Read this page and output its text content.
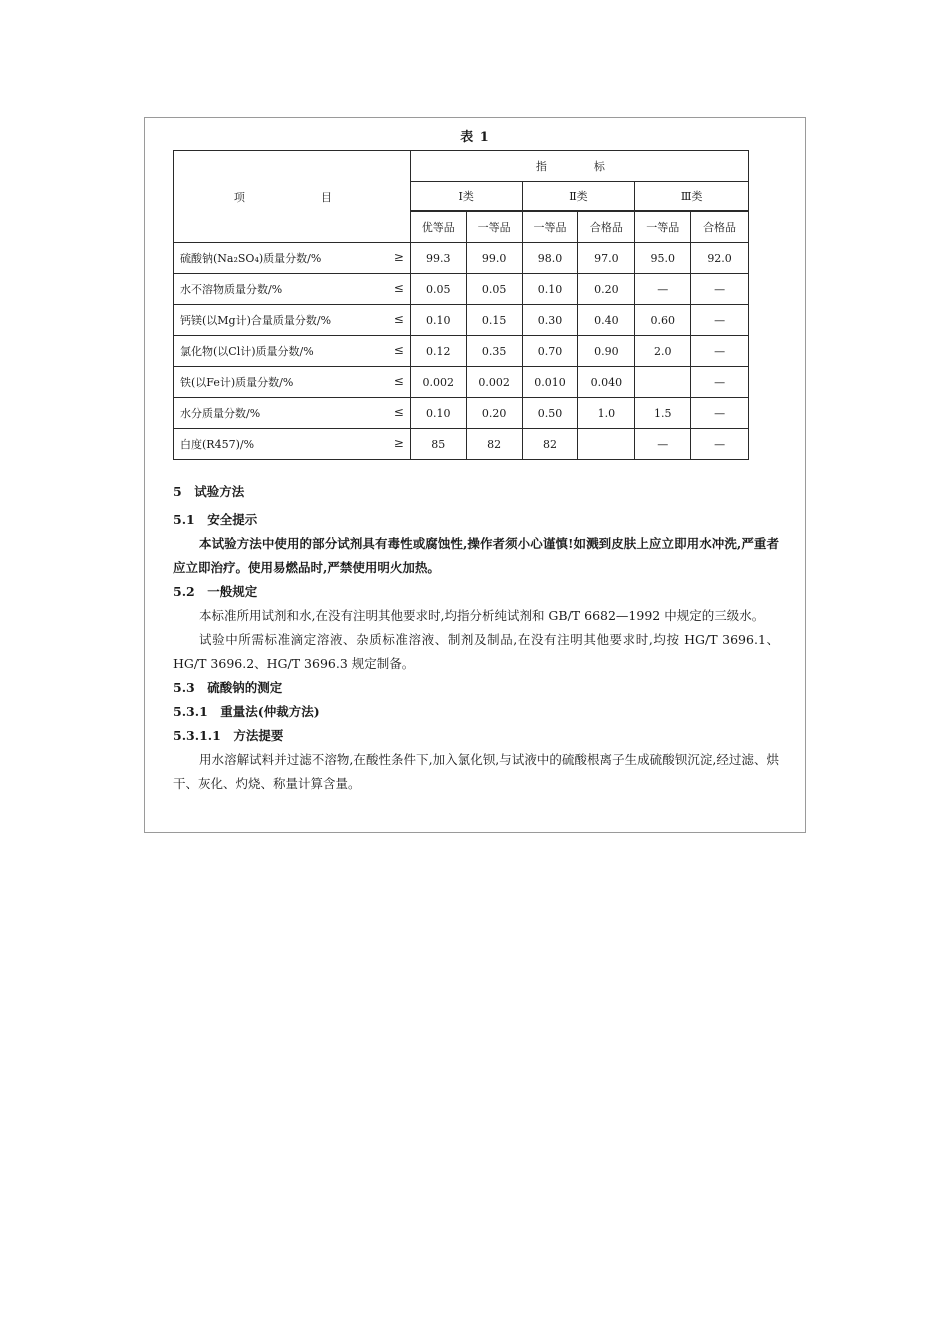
表 1
项　　目	指　标					
	Ⅰ类		Ⅱ类		Ⅲ类	
	优等品	一等品	一等品	合格品	一等品	合格品
硫酸钠(Na₂SO₄)质量分数/% ≥	99.3	99.0	98.0	97.0	95.0	92.0
水不溶物质量分数/% ≤	0.05	0.05	0.10	0.20	—	—
钙镁(以Mg计)合量质量分数/% ≤	0.10	0.15	0.30	0.40	0.60	—
氯化物(以Cl计)质量分数/% ≤	0.12	0.35	0.70	0.90	2.0	—
铁(以Fe计)质量分数/% ≤	0.002	0.002	0.010	0.040		—
水分质量分数/% ≤	0.10	0.20	0.50	1.0	1.5	—
白度(R457)/% ≥	85	82	82		—	—

5　试验方法

5.1　安全提示

本试验方法中使用的部分试剂具有毒性或腐蚀性,操作者须小心谨慎!如溅到皮肤上应立即用水冲洗,严重者应立即治疗。使用易燃品时,严禁使用明火加热。

5.2　一般规定

本标准所用试剂和水,在没有注明其他要求时,均指分析纯试剂和 GB/T 6682—1992 中规定的三级水。

试验中所需标准滴定溶液、杂质标准溶液、制剂及制品,在没有注明其他要求时,均按 HG/T 3696.1、HG/T 3696.2、HG/T 3696.3 规定制备。

5.3　硫酸钠的测定

5.3.1　重量法(仲裁方法)

5.3.1.1　方法提要

用水溶解试料并过滤不溶物,在酸性条件下,加入氯化钡,与试液中的硫酸根离子生成硫酸钡沉淀,经过滤、烘干、灰化、灼烧、称量计算含量。
